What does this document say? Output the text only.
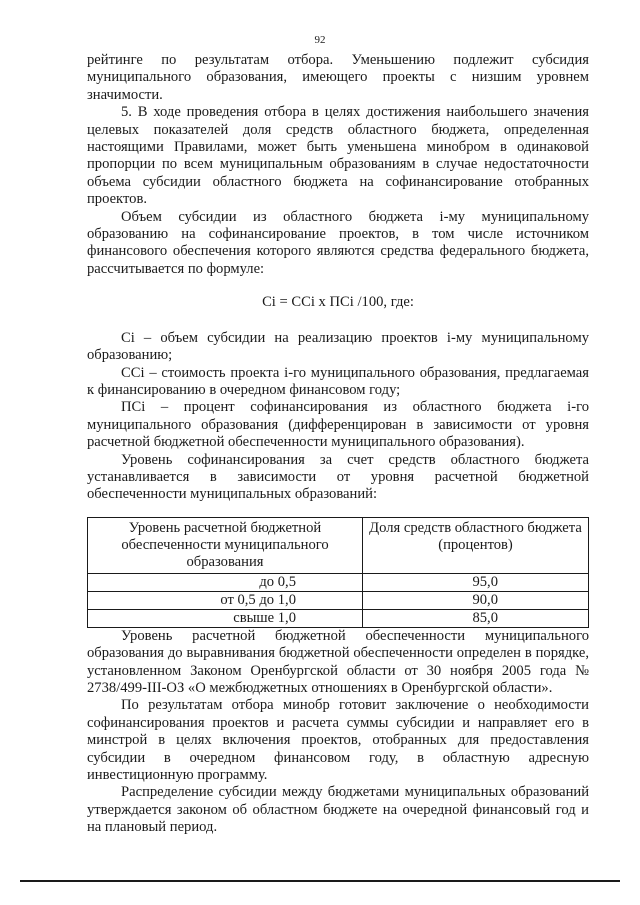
92

рейтинге по результатам отбора. Уменьшению подлежит субсидия муниципального образования, имеющего проекты с низшим уровнем значимости.

5. В ходе проведения отбора в целях достижения наибольшего значения целевых показателей доля средств областного бюджета, определенная настоящими Правилами, может быть уменьшена минобром в одинаковой пропорции по всем муниципальным образованиям в случае недостаточности объема субсидии областного бюджета на софинансирование отобранных проектов.

Объем субсидии из областного бюджета i-му муниципальному образованию на софинансирование проектов, в том числе источником финансового обеспечения которого являются средства федерального бюджета, рассчитывается по формуле:

Ci = CCi x ПCi /100, где:

Ci – объем субсидии на реализацию проектов i-му муниципальному образованию;

CCi – стоимость проекта i-го муниципального образования, предлагаемая к финансированию в очередном финансовом году;

ПCi – процент софинансирования из областного бюджета i-го муниципального образования (дифференцирован в зависимости от уровня расчетной бюджетной обеспеченности муниципального образования).

Уровень софинансирования за счет средств областного бюджета устанавливается в зависимости от уровня расчетной бюджетной обеспеченности муниципальных образований:

Уровень расчетной бюджетной обеспеченности муниципального образования	Доля средств областного бюджета (процентов)
до 0,5	95,0
от 0,5 до 1,0	90,0
свыше 1,0	85,0

Уровень расчетной бюджетной обеспеченности муниципального образования до выравнивания бюджетной обеспеченности определен в порядке, установленном Законом Оренбургской области от 30 ноября 2005 года № 2738/499-III-ОЗ «О межбюджетных отношениях в Оренбургской области».

По результатам отбора минобр готовит заключение о необходимости софинансирования проектов и расчета суммы субсидии и направляет его в минстрой в целях включения проектов, отобранных для предоставления субсидии в очередном финансовом году, в областную адресную инвестиционную программу.

Распределение субсидии между бюджетами муниципальных образований утверждается законом об областном бюджете на очередной финансовый год и на плановый период.
